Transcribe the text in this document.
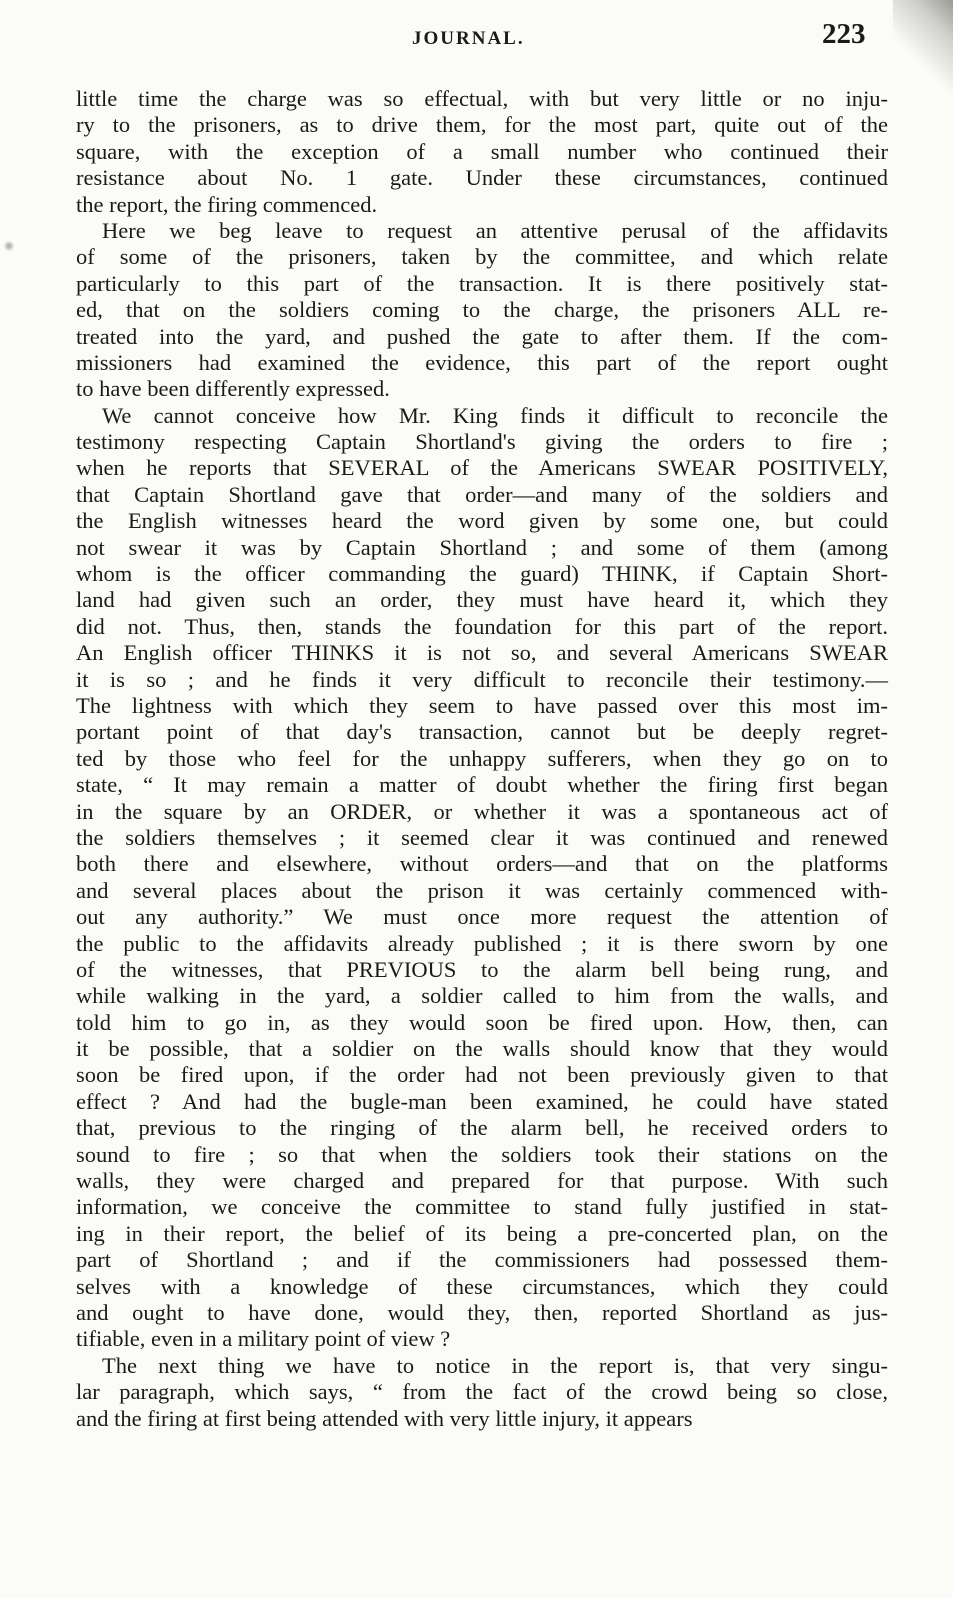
JOURNAL.	223
little time the charge was so effectual, with but very little or no inju-
ry to the prisoners, as to drive them, for the most part, quite out of the
square, with the exception of a small number who continued their
resistance about No. 1 gate. Under these circumstances, continued
the report, the firing commenced.
Here we beg leave to request an attentive perusal of the affidavits
of some of the prisoners, taken by the committee, and which relate
particularly to this part of the transaction. It is there positively stat-
ed, that on the soldiers coming to the charge, the prisoners ALL re-
treated into the yard, and pushed the gate to after them. If the com-
missioners had examined the evidence, this part of the report ought
to have been differently expressed.
We cannot conceive how Mr. King finds it difficult to reconcile the
testimony respecting Captain Shortland's giving the orders to fire ;
when he reports that SEVERAL of the Americans SWEAR POSITIVELY,
that Captain Shortland gave that order—and many of the soldiers and
the English witnesses heard the word given by some one, but could
not swear it was by Captain Shortland ; and some of them (among
whom is the officer commanding the guard) THINK, if Captain Short-
land had given such an order, they must have heard it, which they
did not. Thus, then, stands the foundation for this part of the report.
An English officer THINKS it is not so, and several Americans SWEAR
it is so ; and he finds it very difficult to reconcile their testimony.—
The lightness with which they seem to have passed over this most im-
portant point of that day's transaction, cannot but be deeply regret-
ted by those who feel for the unhappy sufferers, when they go on to
state, “ It may remain a matter of doubt whether the firing first began
in the square by an ORDER, or whether it was a spontaneous act of
the soldiers themselves ; it seemed clear it was continued and renewed
both there and elsewhere, without orders—and that on the platforms
and several places about the prison it was certainly commenced with-
out any authority.” We must once more request the attention of
the public to the affidavits already published ; it is there sworn by one
of the witnesses, that PREVIOUS to the alarm bell being rung, and
while walking in the yard, a soldier called to him from the walls, and
told him to go in, as they would soon be fired upon. How, then, can
it be possible, that a soldier on the walls should know that they would
soon be fired upon, if the order had not been previously given to that
effect ? And had the bugle-man been examined, he could have stated
that, previous to the ringing of the alarm bell, he received orders to
sound to fire ; so that when the soldiers took their stations on the
walls, they were charged and prepared for that purpose. With such
information, we conceive the committee to stand fully justified in stat-
ing in their report, the belief of its being a pre-concerted plan, on the
part of Shortland ; and if the commissioners had possessed them-
selves with a knowledge of these circumstances, which they could
and ought to have done, would they, then, reported Shortland as jus-
tifiable, even in a military point of view ?
The next thing we have to notice in the report is, that very singu-
lar paragraph, which says, “ from the fact of the crowd being so close,
and the firing at first being attended with very little injury, it appears
